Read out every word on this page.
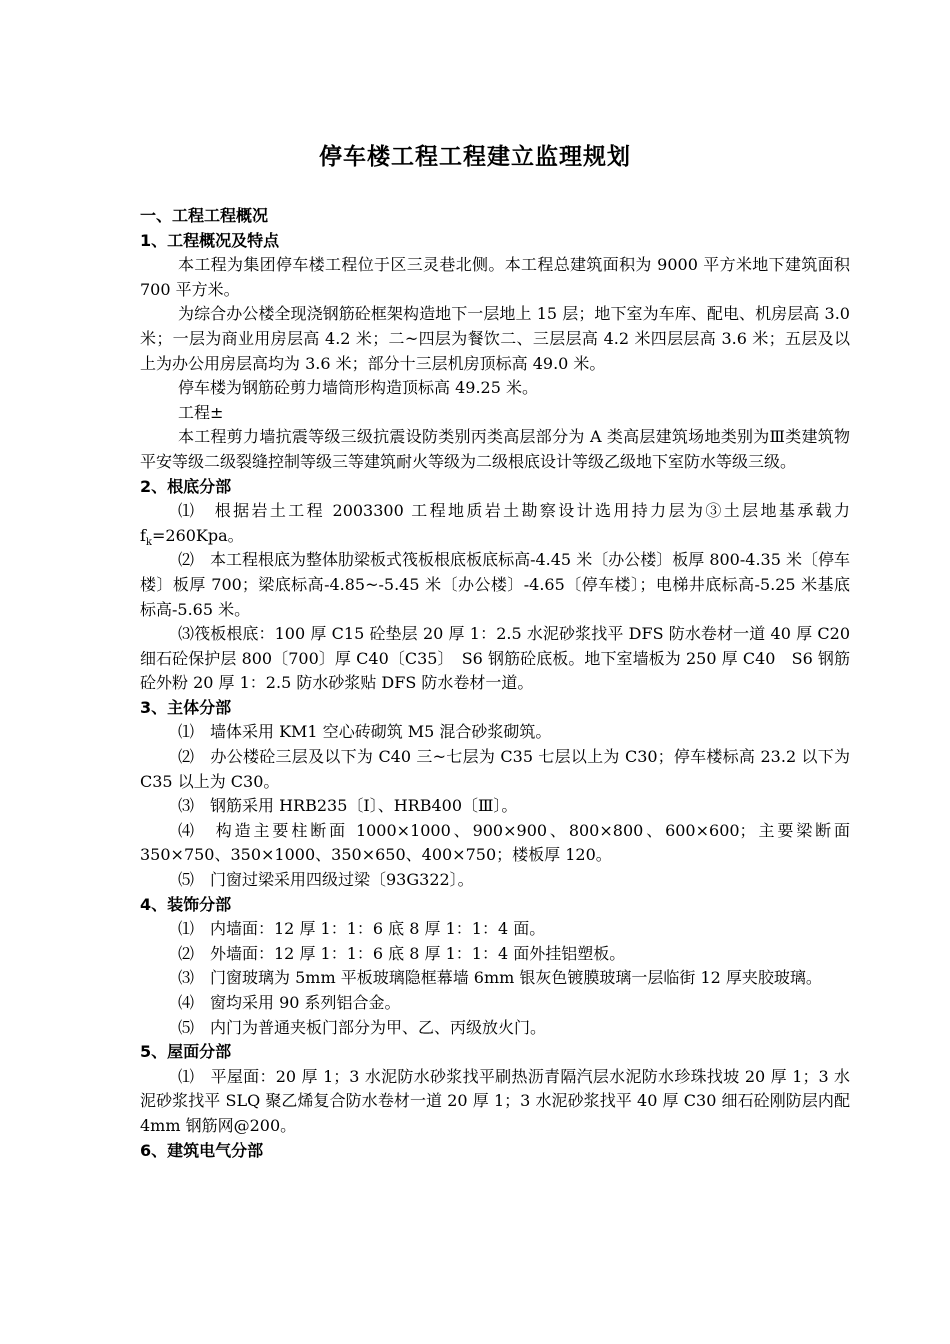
停车楼工程工程建立监理规划

一、工程工程概况

1、工程概况及特点

本工程为集团停车楼工程位于区三灵巷北侧。本工程总建筑面积为 9000 平方米地下建筑面积 700 平方米。

为综合办公楼全现浇钢筋砼框架构造地下一层地上 15 层；地下室为车库、配电、机房层高 3.0 米；一层为商业用房层高 4.2 米；二~四层为餐饮二、三层层高 4.2 米四层层高 3.6 米；五层及以上为办公用房层高均为 3.6 米；部分十三层机房顶标高 49.0 米。

停车楼为钢筋砼剪力墙筒形构造顶标高 49.25 米。

工程±

本工程剪力墙抗震等级三级抗震设防类别丙类高层部分为 A 类高层建筑场地类别为Ⅲ类建筑物平安等级二级裂缝控制等级三等建筑耐火等级为二级根底设计等级乙级地下室防水等级三级。

2、根底分部

⑴　根据岩土工程 2003300 工程地质岩土勘察设计选用持力层为③土层地基承载力 $f_k=260Kpa$。

⑵　本工程根底为整体肋梁板式筏板根底板底标高-4.45 米〔办公楼〕板厚 800-4.35 米〔停车楼〕板厚 700；梁底标高-4.85~-5.45 米〔办公楼〕-4.65〔停车楼〕；电梯井底标高-5.25 米基底标高-5.65 米。

⑶筏板根底：100 厚 C15 砼垫层 20 厚 1：2.5 水泥砂浆找平 DFS 防水卷材一道 40 厚 C20 细石砼保护层 800〔700〕厚 C40〔C35〕　S6 钢筋砼底板。地下室墙板为 250 厚 C40　S6 钢筋砼外粉 20 厚 1：2.5 防水砂浆贴 DFS 防水卷材一道。

3、主体分部

⑴　墙体采用 KM1 空心砖砌筑 M5 混合砂浆砌筑。

⑵　办公楼砼三层及以下为 C40 三~七层为 C35 七层以上为 C30；停车楼标高 23.2 以下为 C35 以上为 C30。

⑶　钢筋采用 HRB235〔Ⅰ〕、HRB400〔Ⅲ〕。

⑷　构造主要柱断面 1000×1000、900×900、800×800、600×600；主要梁断面 350×750、350×1000、350×650、400×750；楼板厚 120。

⑸　门窗过梁采用四级过梁〔93G322〕。

4、装饰分部

⑴　内墙面：12 厚 1：1：6 底 8 厚 1：1：4 面。

⑵　外墙面：12 厚 1：1：6 底 8 厚 1：1：4 面外挂铝塑板。

⑶　门窗玻璃为 5mm 平板玻璃隐框幕墙 6mm 银灰色镀膜玻璃一层临街 12 厚夹胶玻璃。

⑷　窗均采用 90 系列铝合金。

⑸　内门为普通夹板门部分为甲、乙、丙级放火门。

5、屋面分部

⑴　平屋面：20 厚 1；3 水泥防水砂浆找平刷热沥青隔汽层水泥防水珍珠找坡 20 厚 1；3 水泥砂浆找平 SLQ 聚乙烯复合防水卷材一道 20 厚 1；3 水泥砂浆找平 40 厚 C30 细石砼刚防层内配 4mm 钢筋网@200。

6、建筑电气分部
